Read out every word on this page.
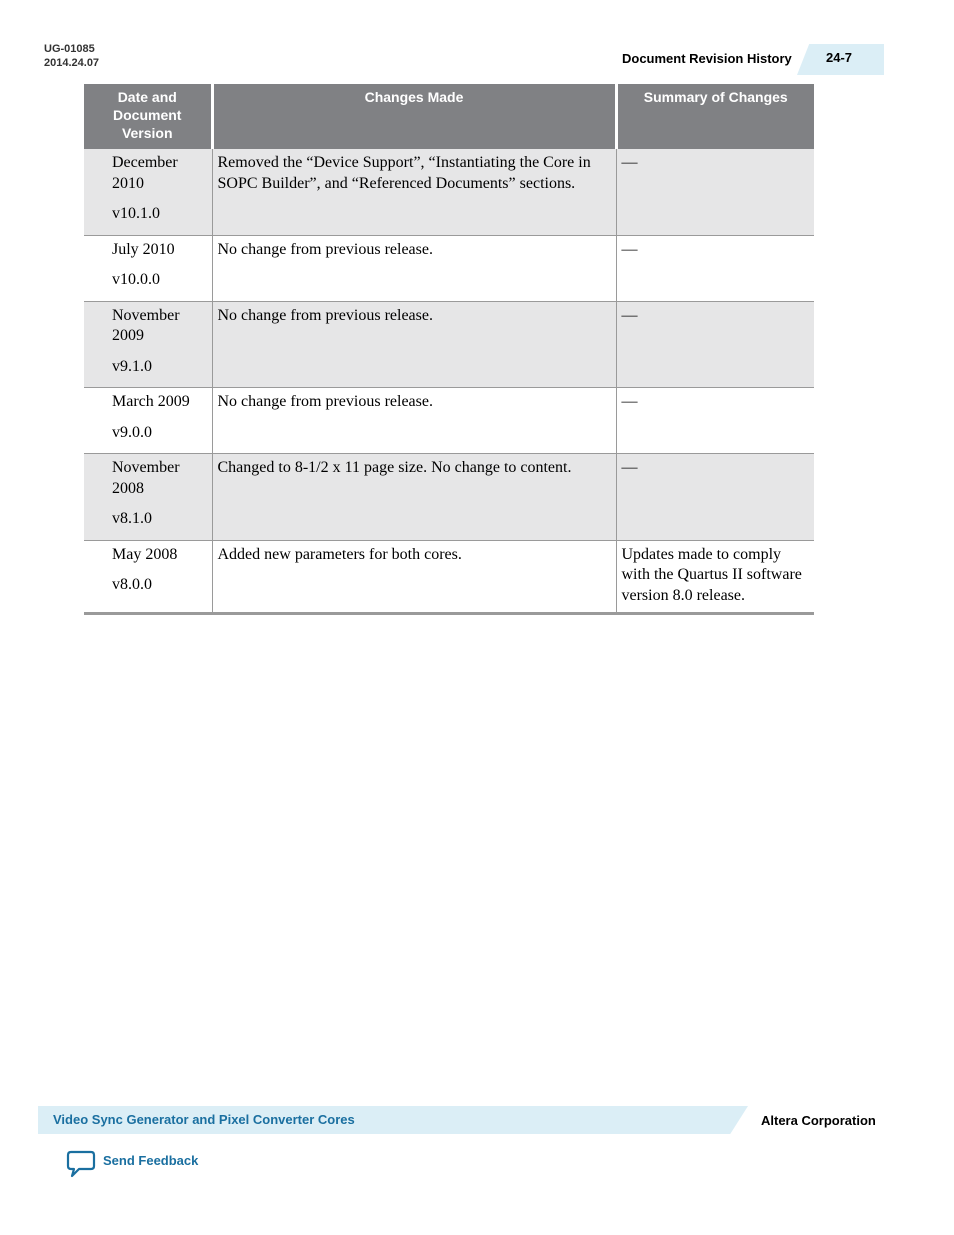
UG-01085
2014.24.07	Document Revision History	24-7
Date and Document Version	Changes Made	Summary of Changes
December 2010
v10.1.0	Removed the “Device Support”, “Instantiating the Core in SOPC Builder”, and “Referenced Documents” sections.	—
July 2010
v10.0.0	No change from previous release.	—
November 2009
v9.1.0	No change from previous release.	—
March 2009
v9.0.0	No change from previous release.	—
November 2008
v8.1.0	Changed to 8-1/2 x 11 page size. No change to content.	—
May 2008
v8.0.0	Added new parameters for both cores.	Updates made to comply with the Quartus II software version 8.0 release.
Video Sync Generator and Pixel Converter Cores	Altera Corporation
Send Feedback
